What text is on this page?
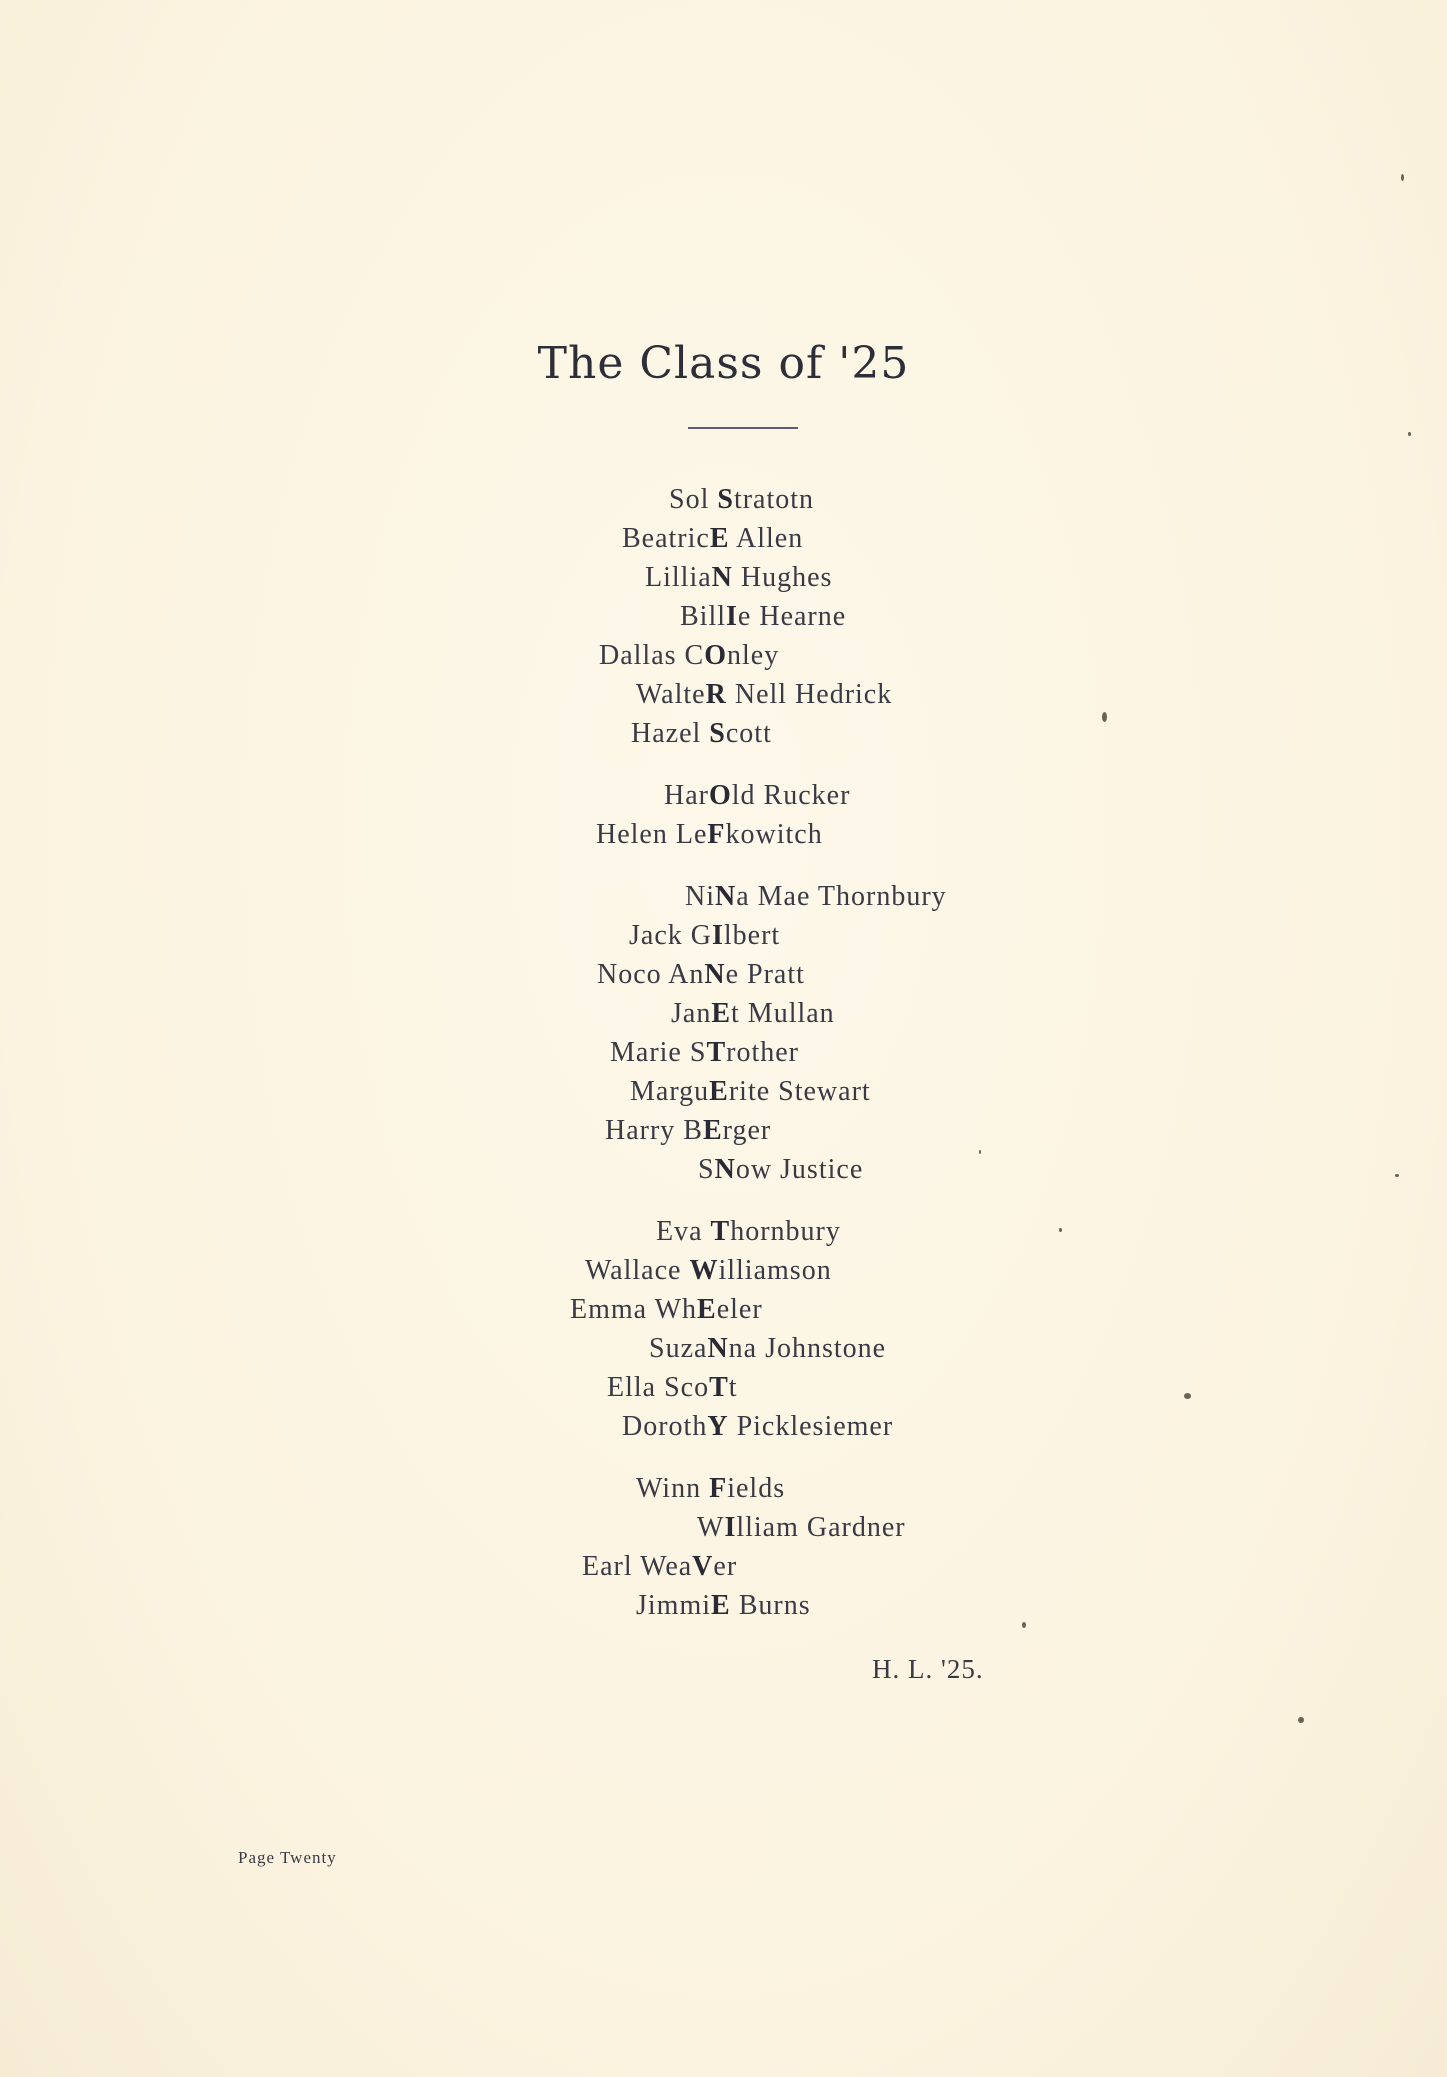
The Class of '25
Sol Stratotn
BeatricE Allen
LilliaN Hughes
BillIe Hearne
Dallas COnley
WalteR Nell Hedrick
Hazel Scott
HarOld Rucker
Helen LeFkowitch
NiNa Mae Thornbury
Jack GIlbert
Noco AnNe Pratt
JanEt Mullan
Marie STrother
MarguErite Stewart
Harry BErger
SNow Justice
Eva Thornbury
Wallace Williamson
Emma WhEeler
SuzaNna Johnstone
Ella ScoTt
DorothY Picklesiemer
Winn Fields
WIlliam Gardner
Earl WeaVer
JimmiE Burns
H. L. '25.
Page Twenty
